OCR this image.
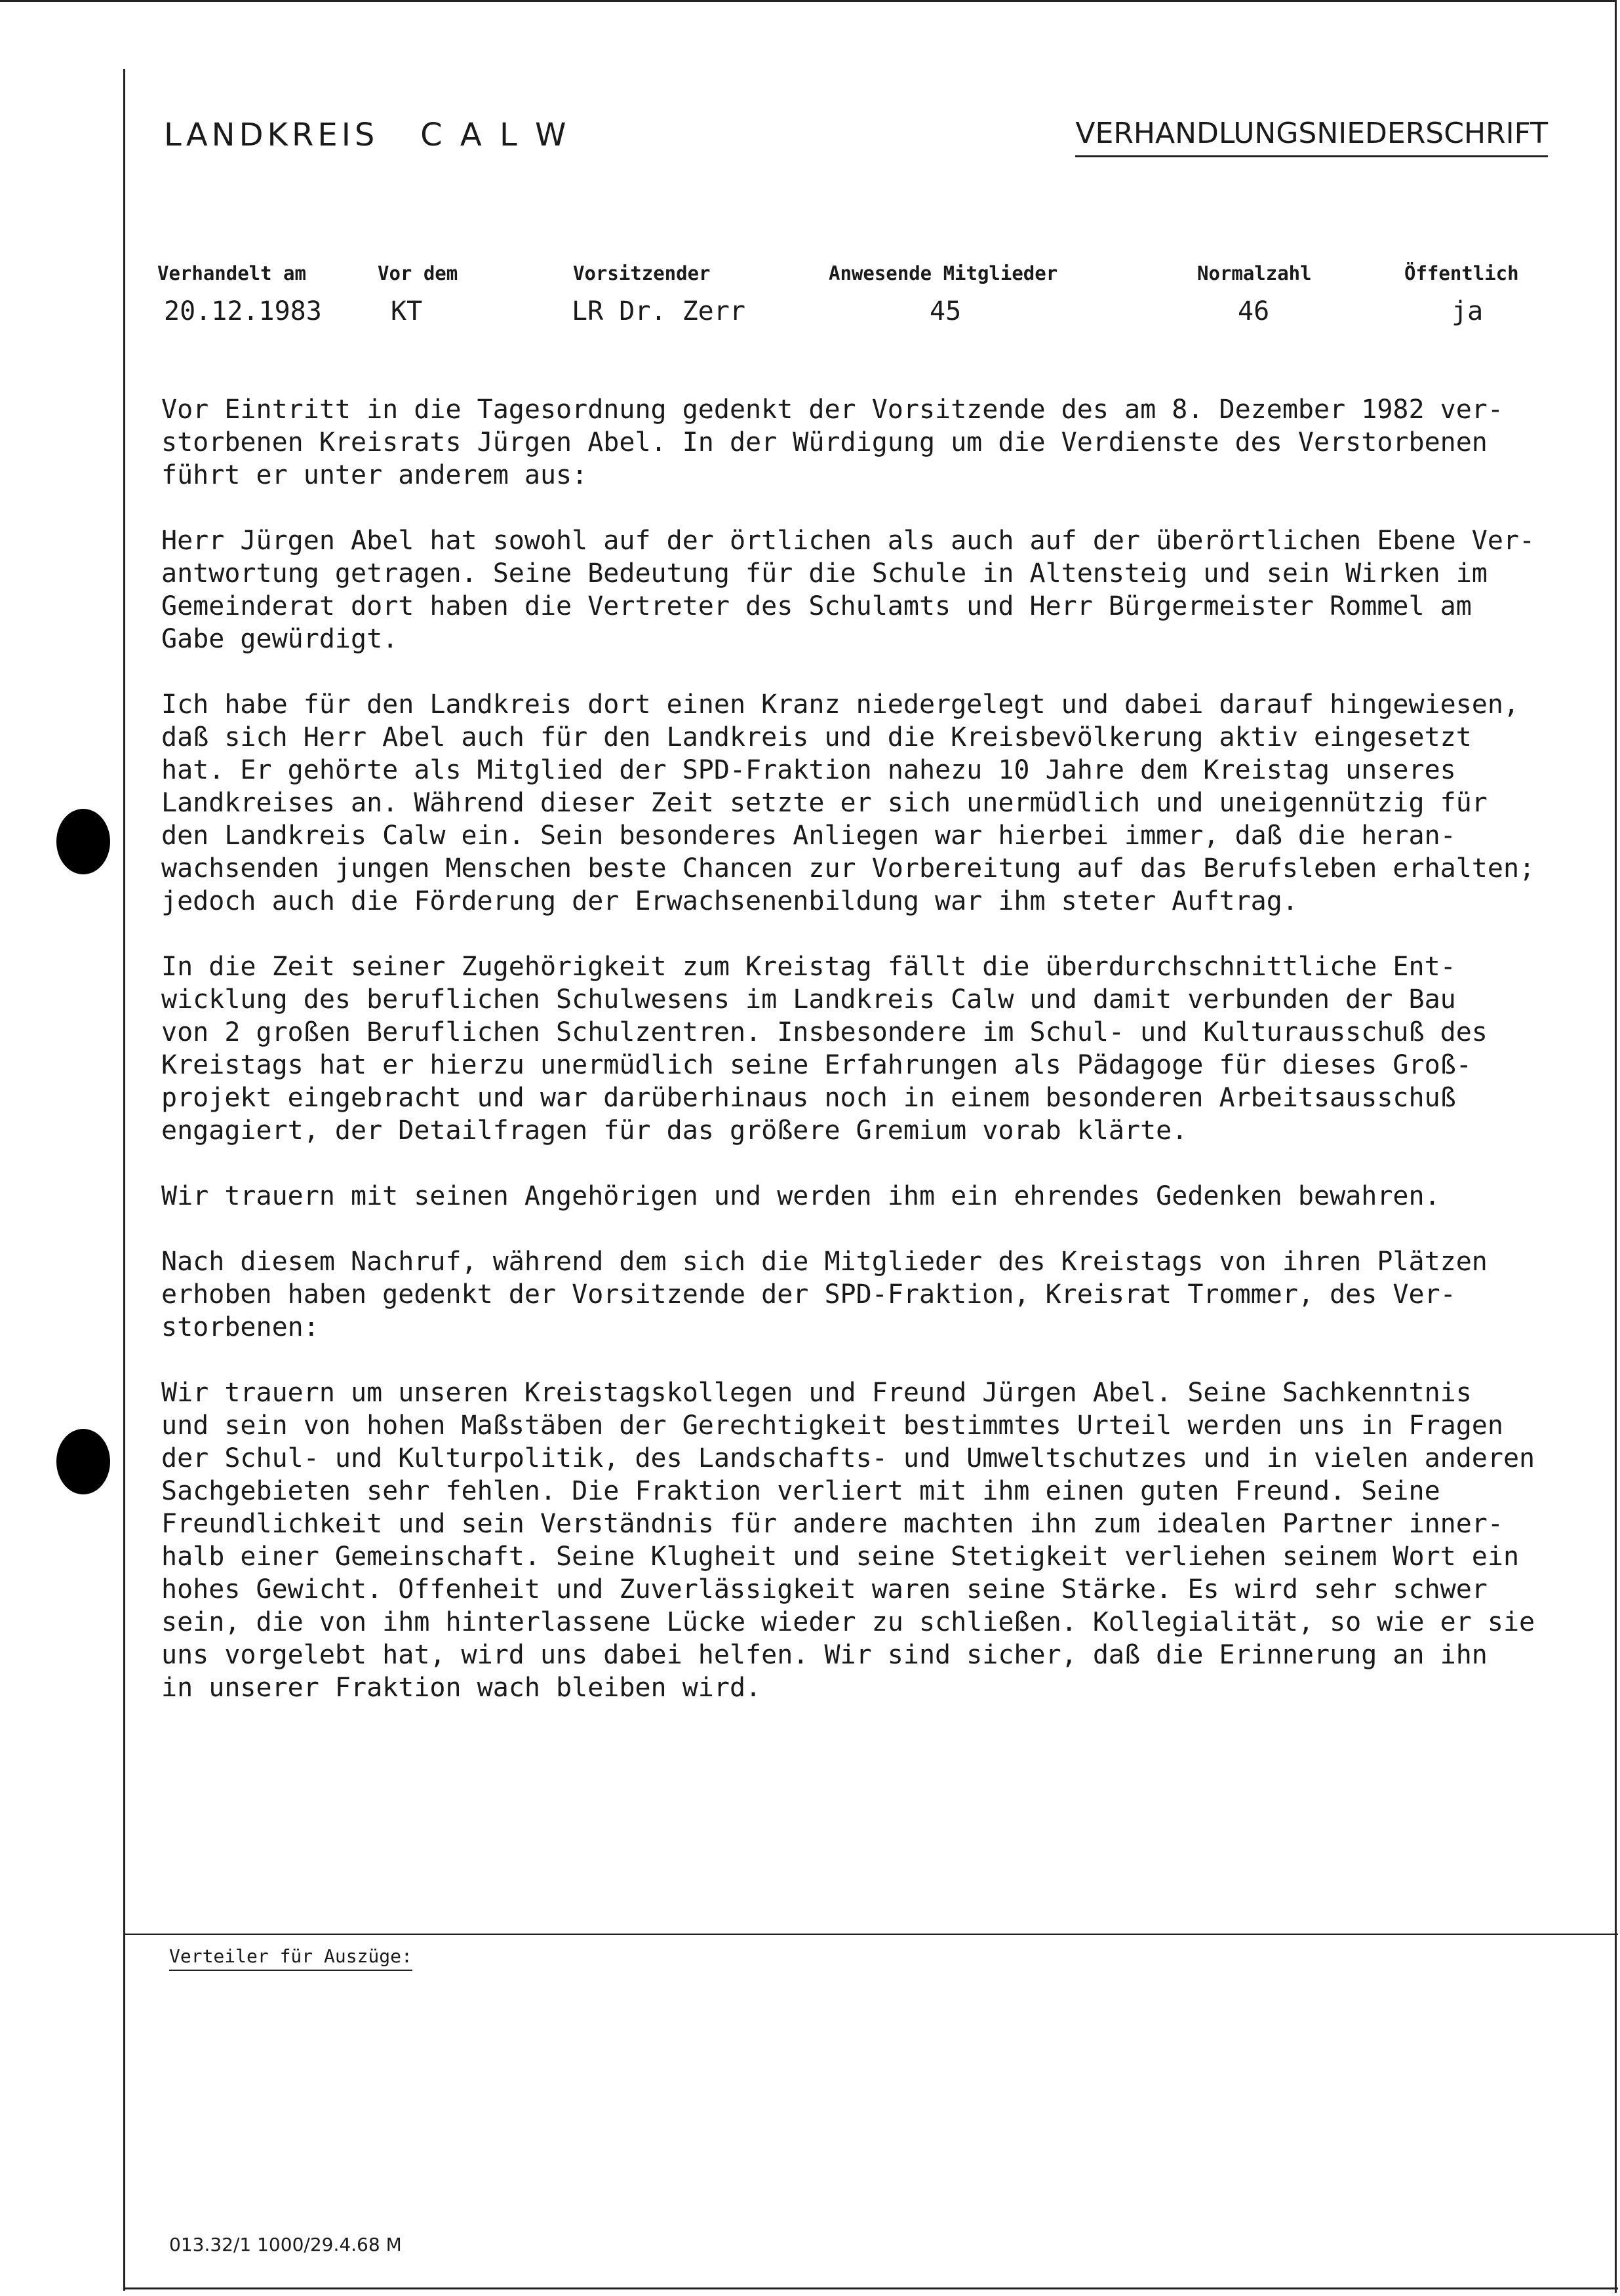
LANDKREIS   C A L W	VERHANDLUNGSNIEDERSCHRIFT
Verhandelt am	Vor dem	Vorsitzender	Anwesende Mitglieder	Normalzahl	Öffentlich
20.12.1983	KT	LR Dr. Zerr	45	46	ja
Vor Eintritt in die Tagesordnung gedenkt der Vorsitzende des am 8. Dezember 1982 ver-
storbenen Kreisrats Jürgen Abel. In der Würdigung um die Verdienste des Verstorbenen
führt er unter anderem aus:
Herr Jürgen Abel hat sowohl auf der örtlichen als auch auf der überörtlichen Ebene Ver-
antwortung getragen. Seine Bedeutung für die Schule in Altensteig und sein Wirken im
Gemeinderat dort haben die Vertreter des Schulamts und Herr Bürgermeister Rommel am
Gabe gewürdigt.
Ich habe für den Landkreis dort einen Kranz niedergelegt und dabei darauf hingewiesen,
daß sich Herr Abel auch für den Landkreis und die Kreisbevölkerung aktiv eingesetzt
hat. Er gehörte als Mitglied der SPD-Fraktion nahezu 10 Jahre dem Kreistag unseres
Landkreises an. Während dieser Zeit setzte er sich unermüdlich und uneigennützig für
den Landkreis Calw ein. Sein besonderes Anliegen war hierbei immer, daß die heran-
wachsenden jungen Menschen beste Chancen zur Vorbereitung auf das Berufsleben erhalten;
jedoch auch die Förderung der Erwachsenenbildung war ihm steter Auftrag.
In die Zeit seiner Zugehörigkeit zum Kreistag fällt die überdurchschnittliche Ent-
wicklung des beruflichen Schulwesens im Landkreis Calw und damit verbunden der Bau
von 2 großen Beruflichen Schulzentren. Insbesondere im Schul- und Kulturausschuß des
Kreistags hat er hierzu unermüdlich seine Erfahrungen als Pädagoge für dieses Groß-
projekt eingebracht und war darüberhinaus noch in einem besonderen Arbeitsausschuß
engagiert, der Detailfragen für das größere Gremium vorab klärte.
Wir trauern mit seinen Angehörigen und werden ihm ein ehrendes Gedenken bewahren.
Nach diesem Nachruf, während dem sich die Mitglieder des Kreistags von ihren Plätzen
erhoben haben gedenkt der Vorsitzende der SPD-Fraktion, Kreisrat Trommer, des Ver-
storbenen:
Wir trauern um unseren Kreistagskollegen und Freund Jürgen Abel. Seine Sachkenntnis
und sein von hohen Maßstäben der Gerechtigkeit bestimmtes Urteil werden uns in Fragen
der Schul- und Kulturpolitik, des Landschafts- und Umweltschutzes und in vielen anderen
Sachgebieten sehr fehlen. Die Fraktion verliert mit ihm einen guten Freund. Seine
Freundlichkeit und sein Verständnis für andere machten ihn zum idealen Partner inner-
halb einer Gemeinschaft. Seine Klugheit und seine Stetigkeit verliehen seinem Wort ein
hohes Gewicht. Offenheit und Zuverlässigkeit waren seine Stärke. Es wird sehr schwer
sein, die von ihm hinterlassene Lücke wieder zu schließen. Kollegialität, so wie er sie
uns vorgelebt hat, wird uns dabei helfen. Wir sind sicher, daß die Erinnerung an ihn
in unserer Fraktion wach bleiben wird.
Verteiler für Auszüge:
013.32/1 1000/29.4.68 M
